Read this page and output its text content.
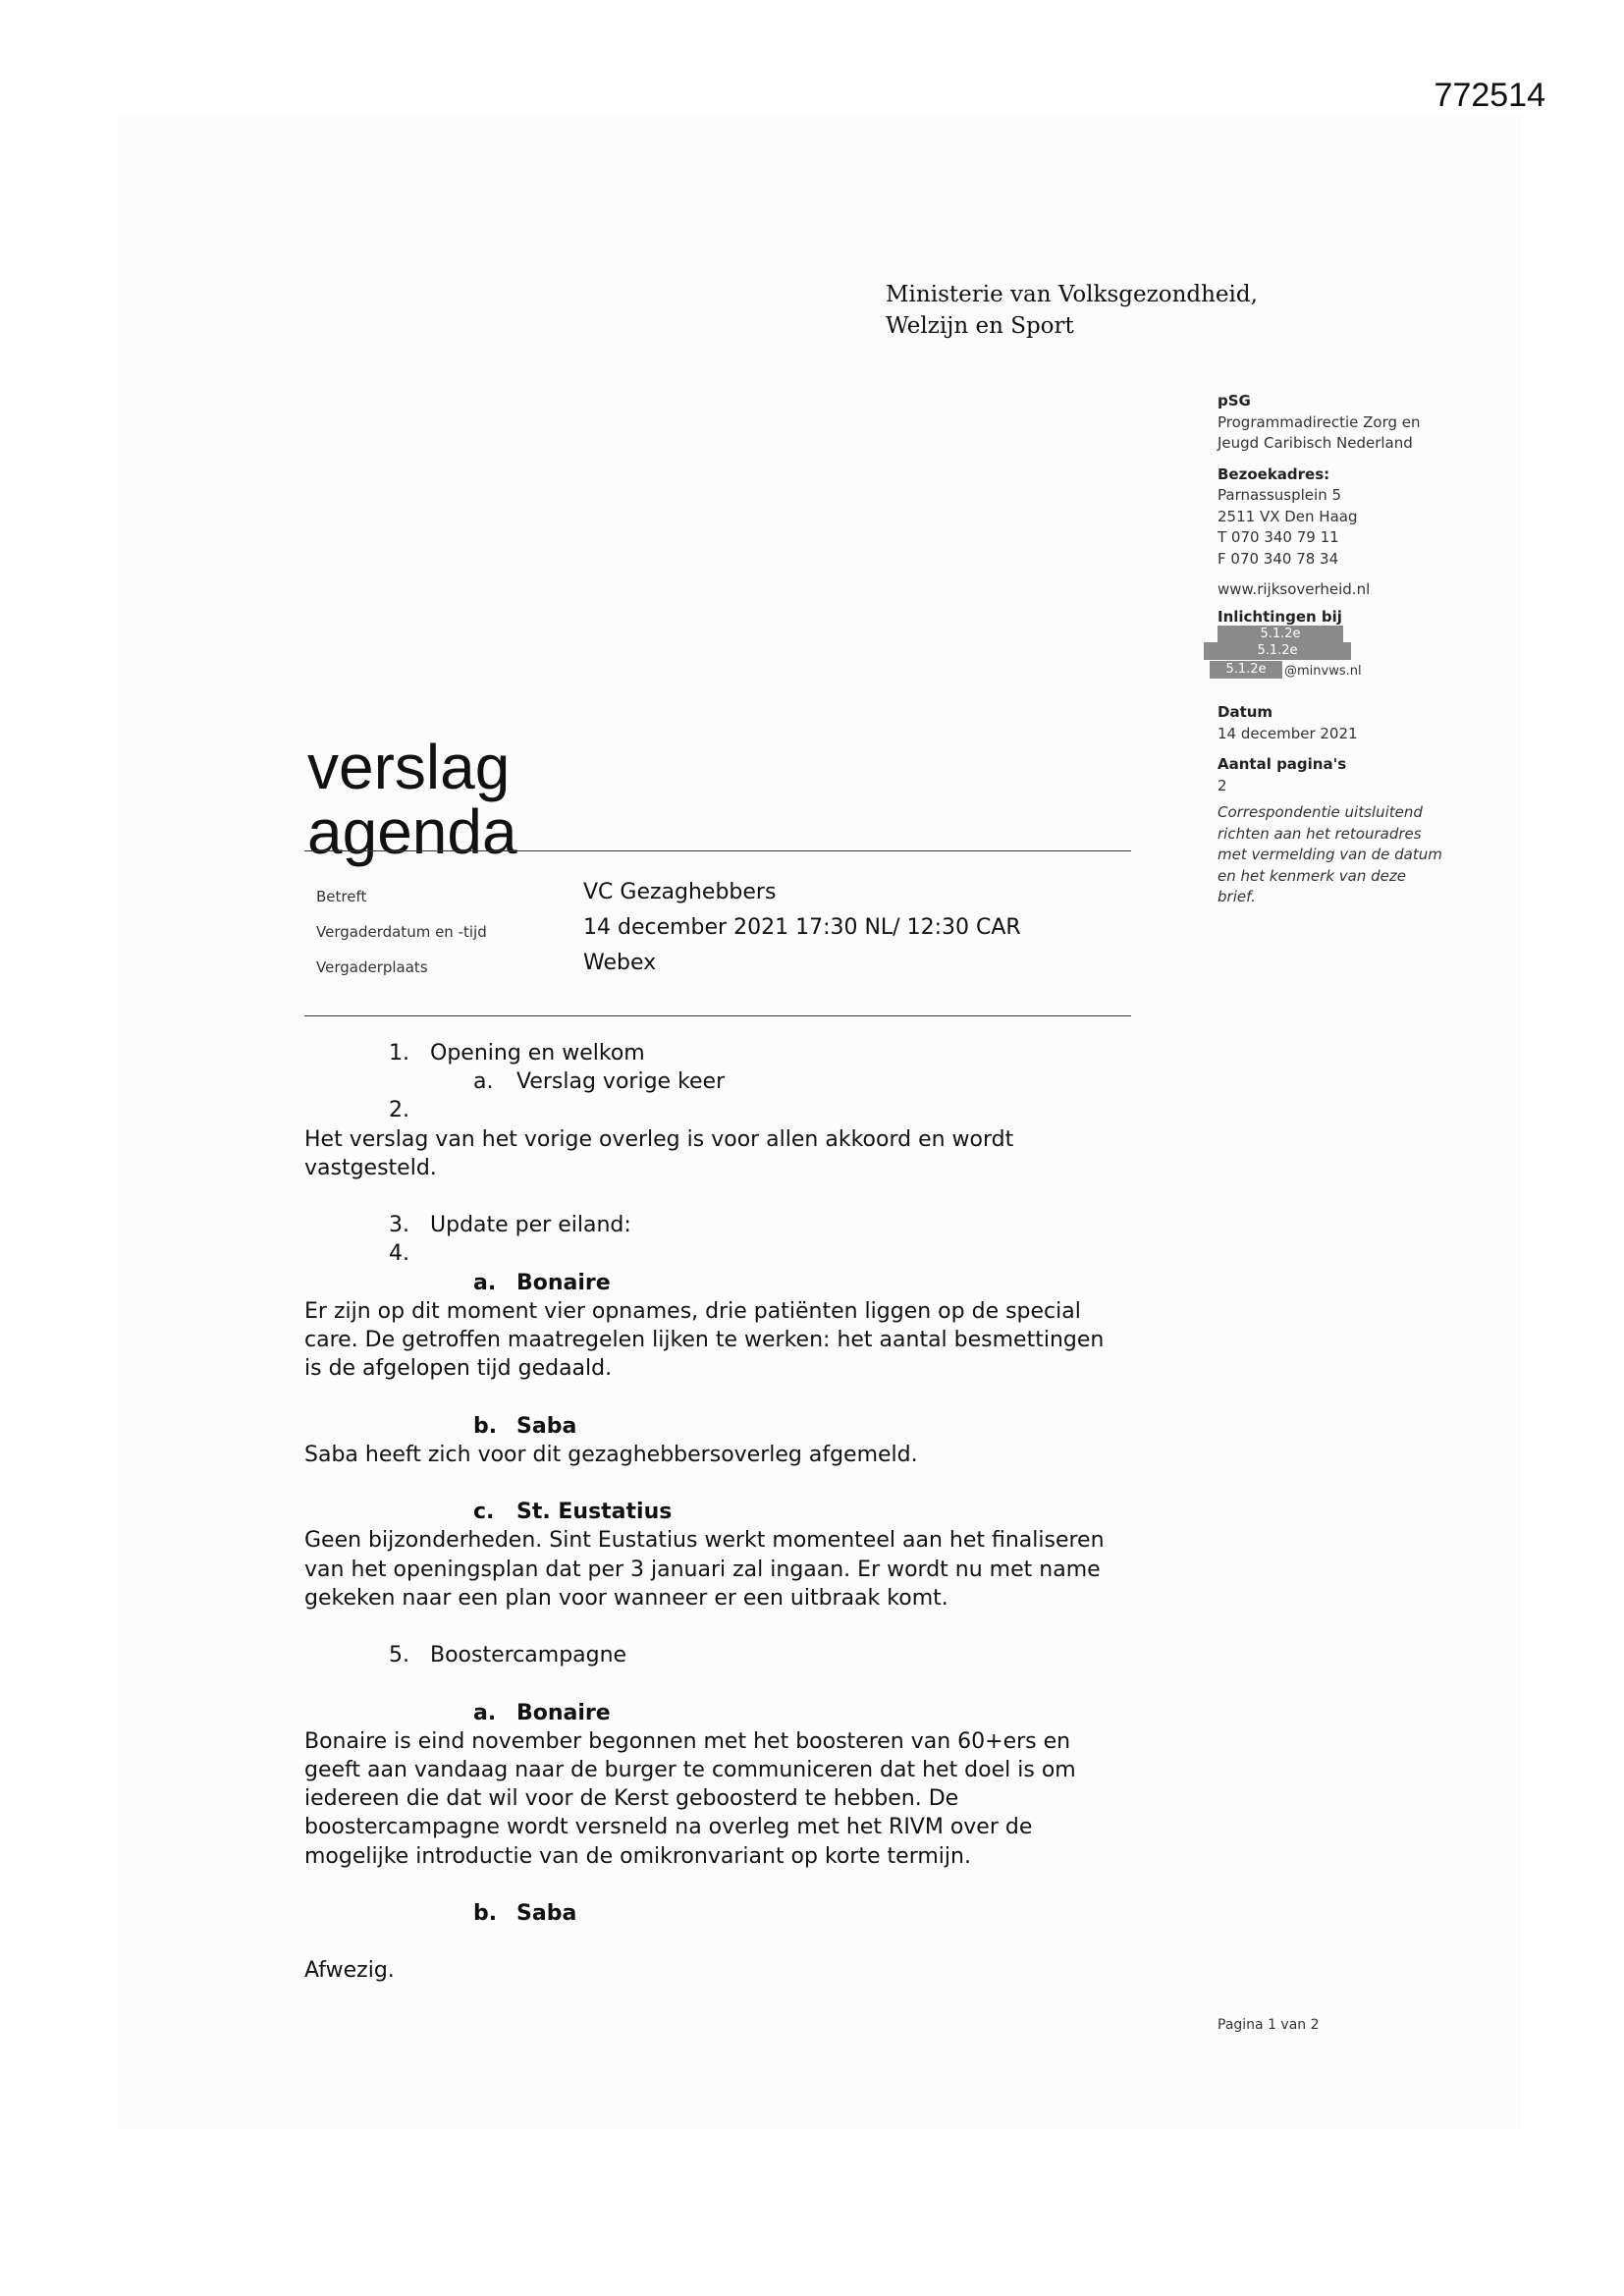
772514
Ministerie van Volksgezondheid,
Welzijn en Sport
pSG
Programmadirectie Zorg en
Jeugd Caribisch Nederland
Bezoekadres:
Parnassusplein 5
2511 VX Den Haag
T 070 340 79 11
F 070 340 78 34
www.rijksoverheid.nl
Inlichtingen bij
5.1.2e
5.1.2e
5.1.2e	@minvws.nl
Datum
14 december 2021
Aantal pagina's
2
Correspondentie uitsluitend
richten aan het retouradres
met vermelding van de datum
en het kenmerk van deze
brief.
verslag
agenda
Betreft	VC Gezaghebbers
Vergaderdatum en -tijd	14 december 2021 17:30 NL/ 12:30 CAR
Vergaderplaats	Webex

1. Opening en welkom

a. Verslag vorige keer

2.

Het verslag van het vorige overleg is voor allen akkoord en wordt

vastgesteld.

3. Update per eiland:

4.

a. Bonaire

Er zijn op dit moment vier opnames, drie patiënten liggen op de special

care. De getroffen maatregelen lijken te werken: het aantal besmettingen

is de afgelopen tijd gedaald.

b. Saba

Saba heeft zich voor dit gezaghebbersoverleg afgemeld.

c. St. Eustatius

Geen bijzonderheden. Sint Eustatius werkt momenteel aan het finaliseren

van het openingsplan dat per 3 januari zal ingaan. Er wordt nu met name

gekeken naar een plan voor wanneer er een uitbraak komt.

5. Boostercampagne

a. Bonaire

Bonaire is eind november begonnen met het boosteren van 60+ers en

geeft aan vandaag naar de burger te communiceren dat het doel is om

iedereen die dat wil voor de Kerst geboosterd te hebben. De

boostercampagne wordt versneld na overleg met het RIVM over de

mogelijke introductie van de omikronvariant op korte termijn.

b. Saba

Afwezig.

Pagina 1 van 2
